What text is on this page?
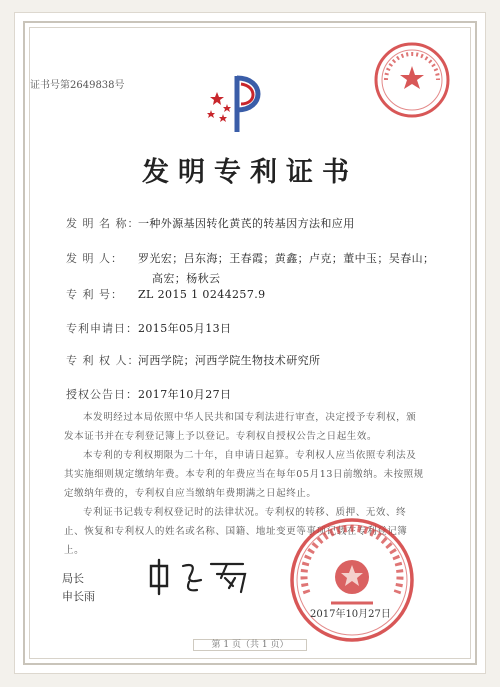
证书号第2649838号
发明专利证书
发 明 名 称：一种外源基因转化黄芪的转基因方法和应用
发 明 人： 罗光宏；吕东海；王春霞；黄鑫；卢克；董中玉；吴春山；
高宏；杨秋云
专 利 号： ZL 2015 1 0244257.9
专利申请日：2015年05月13日
专 利 权 人：河西学院；河西学院生物技术研究所
授权公告日：2017年10月27日

本发明经过本局依照中华人民共和国专利法进行审查，决定授予专利权，颁发本证书并在专利登记簿上予以登记。专利权自授权公告之日起生效。

本专利的专利权期限为二十年，自申请日起算。专利权人应当依照专利法及其实施细则规定缴纳年费。本专利的年费应当在每年05月13日前缴纳。未按照规定缴纳年费的，专利权自应当缴纳年费期满之日起终止。

专利证书记载专利权登记时的法律状况。专利权的转移、质押、无效、终止、恢复和专利权人的姓名或名称、国籍、地址变更等事项记载在专利登记簿上。

局长
申长雨
2017年10月27日
第 1 页（共 1 页）
